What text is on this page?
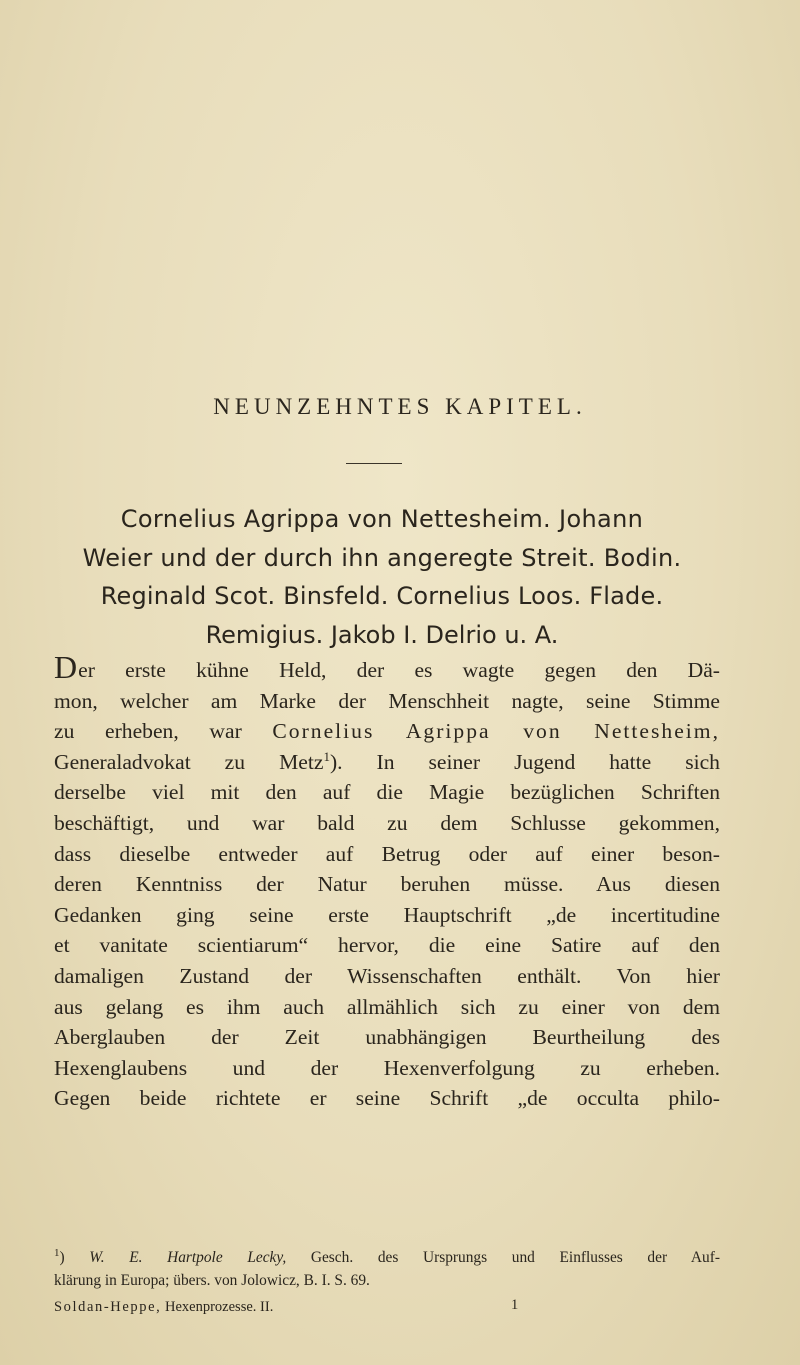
NEUNZEHNTES KAPITEL.
Cornelius Agrippa von Nettesheim. Johann
Weier und der durch ihn angeregte Streit. Bodin.
Reginald Scot. Binsfeld. Cornelius Loos. Flade.
Remigius. Jakob I. Delrio u. A.
Der erste kühne Held, der es wagte gegen den Dä-
mon, welcher am Marke der Menschheit nagte, seine Stimme
zu erheben, war Cornelius Agrippa von Nettesheim,
Generaladvokat zu Metz$^1$). In seiner Jugend hatte sich
derselbe viel mit den auf die Magie bezüglichen Schriften
beschäftigt, und war bald zu dem Schlusse gekommen,
dass dieselbe entweder auf Betrug oder auf einer beson-
deren Kenntniss der Natur beruhen müsse. Aus diesen
Gedanken ging seine erste Hauptschrift „de incertitudine
et vanitate scientiarum“ hervor, die eine Satire auf den
damaligen Zustand der Wissenschaften enthält. Von hier
aus gelang es ihm auch allmählich sich zu einer von dem
Aberglauben der Zeit unabhängigen Beurtheilung des
Hexenglaubens und der Hexenverfolgung zu erheben.
Gegen beide richtete er seine Schrift „de occulta philo-
$^1$) W. E. Hartpole Lecky, Gesch. des Ursprungs und Einflusses der Auf-
klärung in Europa; übers. von Jolowicz, B. I. S. 69.
Soldan-Heppe, Hexenprozesse. II.	1
